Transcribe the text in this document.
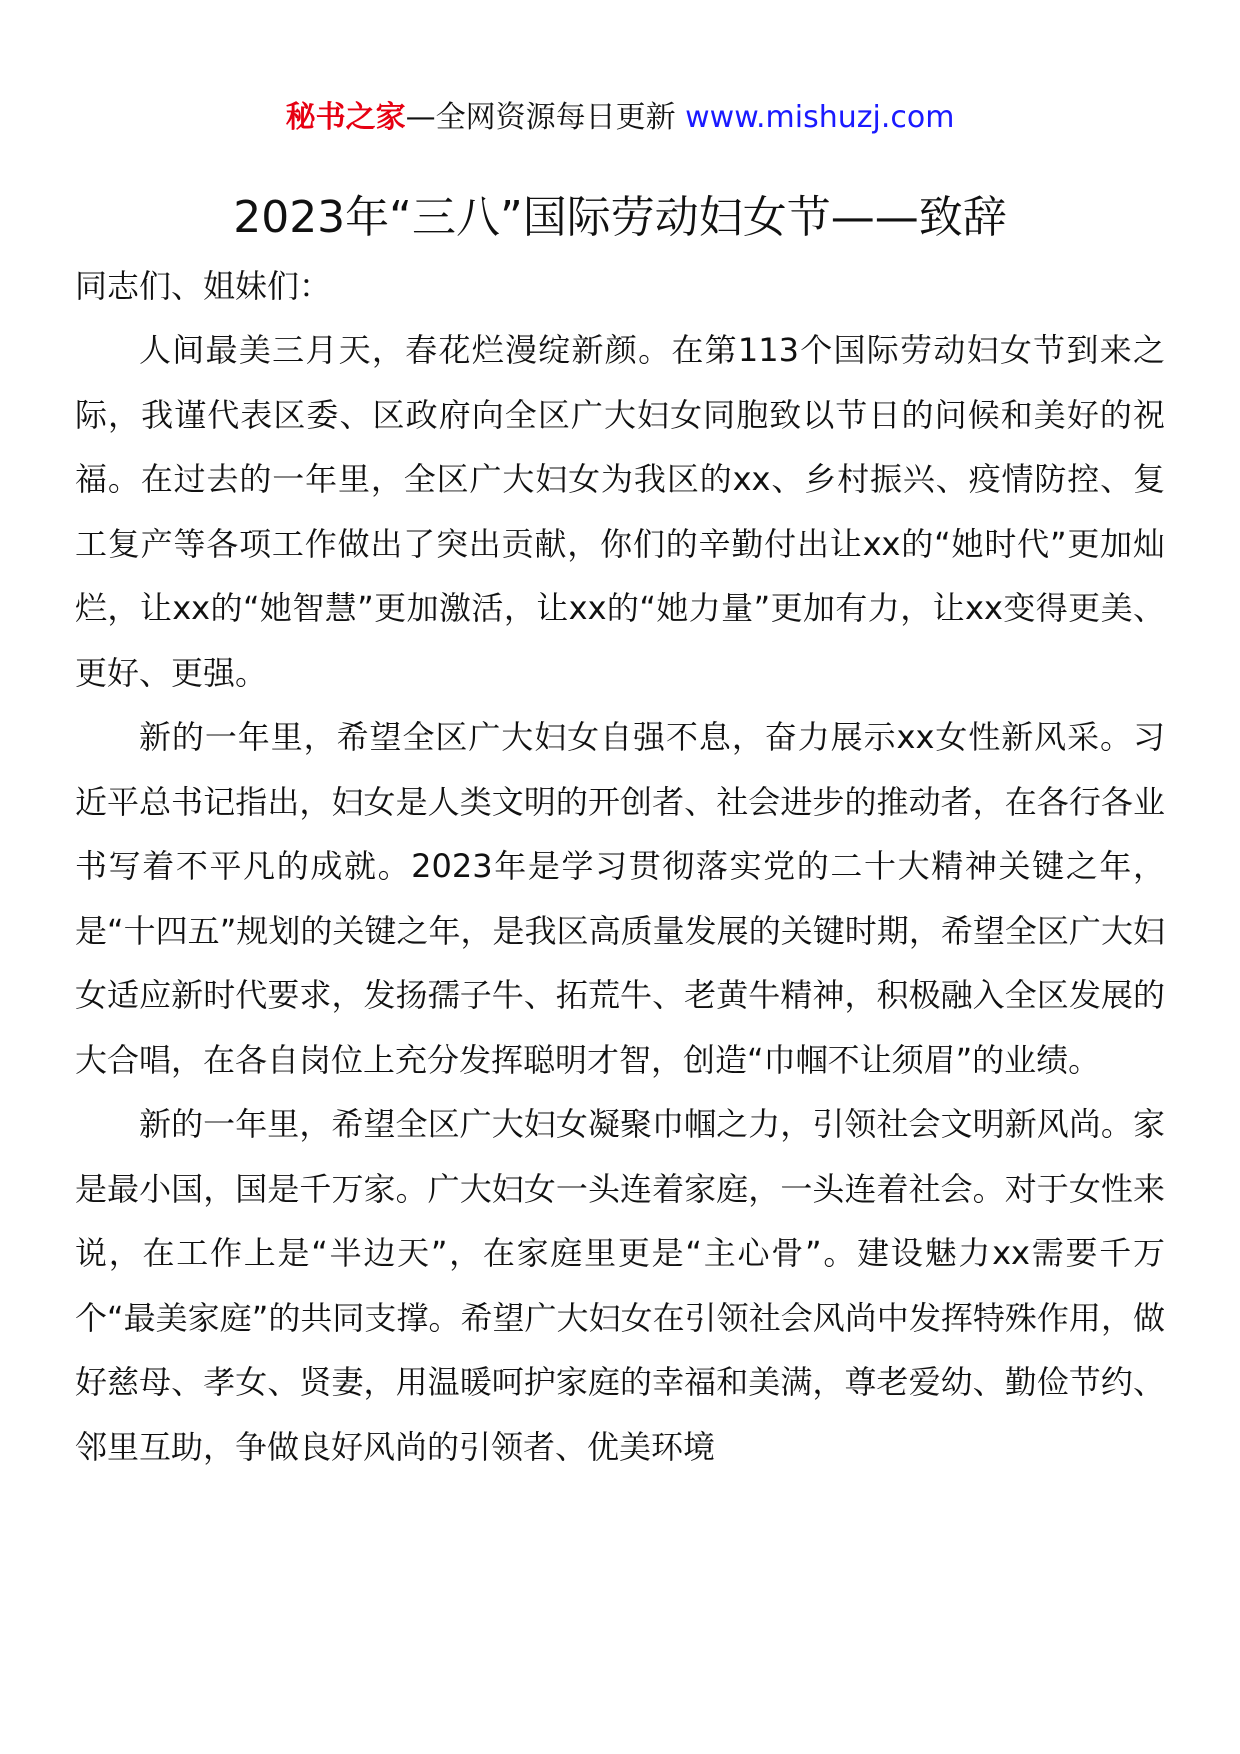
秘书之家—全网资源每日更新 www.mishuzj.com
2023年“三八”国际劳动妇女节——致辞

同志们、姐妹们：

人间最美三月天，春花烂漫绽新颜。在第113个国际劳动妇女节到来之际，我谨代表区委、区政府向全区广大妇女同胞致以节日的问候和美好的祝福。在过去的一年里，全区广大妇女为我区的xx、乡村振兴、疫情防控、复工复产等各项工作做出了突出贡献，你们的辛勤付出让xx的“她时代”更加灿烂，让xx的“她智慧”更加激活，让xx的“她力量”更加有力，让xx变得更美、更好、更强。

新的一年里，希望全区广大妇女自强不息，奋力展示xx女性新风采。习近平总书记指出，妇女是人类文明的开创者、社会进步的推动者，在各行各业书写着不平凡的成就。2023年是学习贯彻落实党的二十大精神关键之年，是“十四五”规划的关键之年，是我区高质量发展的关键时期，希望全区广大妇女适应新时代要求，发扬孺子牛、拓荒牛、老黄牛精神，积极融入全区发展的大合唱，在各自岗位上充分发挥聪明才智，创造“巾帼不让须眉”的业绩。

新的一年里，希望全区广大妇女凝聚巾帼之力，引领社会文明新风尚。家是最小国，国是千万家。广大妇女一头连着家庭，一头连着社会。对于女性来说，在工作上是“半边天”，在家庭里更是“主心骨”。建设魅力xx需要千万个“最美家庭”的共同支撑。希望广大妇女在引领社会风尚中发挥特殊作用，做好慈母、孝女、贤妻，用温暖呵护家庭的幸福和美满，尊老爱幼、勤俭节约、邻里互助，争做良好风尚的引领者、优美环境
